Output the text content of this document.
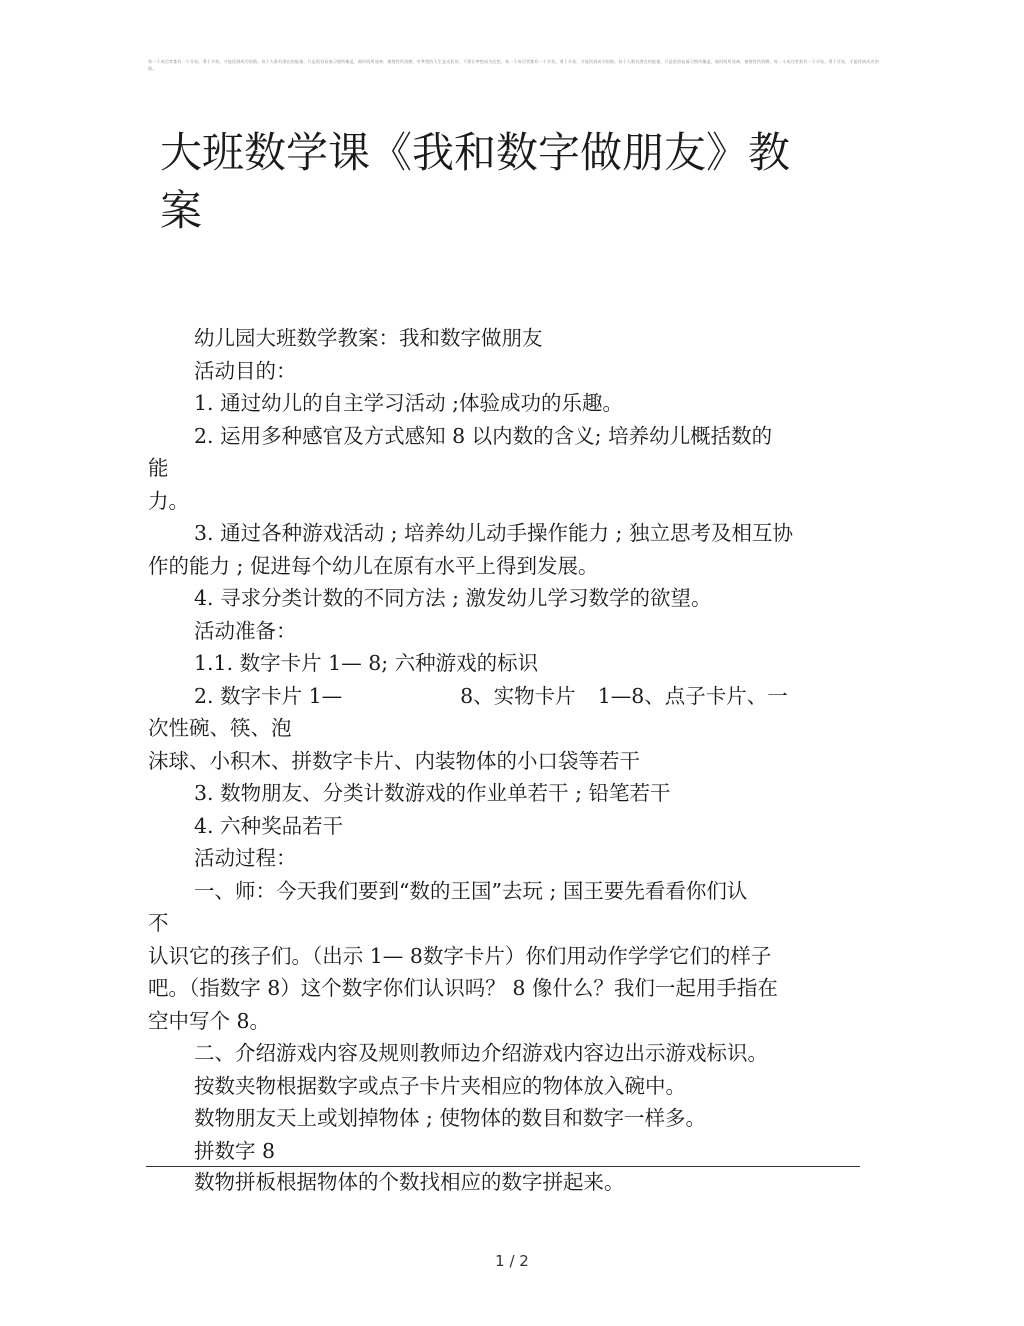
每一个成功者都有一个开始。勇于开始，才能找到成功的路。每个人都有潜在的能量，只是很容易被习惯所掩盖，被时间所迷离，被惰性所消磨。有梦想的人生是光彩的，不要让梦想成为幻想。每一个成功者都有一个开始。勇于开始，才能找到成功的路。每个人都有潜在的能量，只是很容易被习惯所掩盖，被时间所迷离，被惰性所消磨。每一个成功者都有一个开始，勇于开始，才能找到成功的路。
大班数学课《我和数字做朋友》教
案
幼儿园大班数学教案：我和数字做朋友
活动目的：
1. 通过幼儿的自主学习活动 ;体验成功的乐趣。
2. 运用多种感官及方式感知 8 以内数的含义; 培养幼儿概括数的
能
力。
3. 通过各种游戏活动 ; 培养幼儿动手操作能力 ; 独立思考及相互协
作的能力 ; 促进每个幼儿在原有水平上得到发展。
4. 寻求分类计数的不同方法 ; 激发幼儿学习数学的欲望。
活动准备：
1.1. 数字卡片 1— 8; 六种游戏的标识
2. 数字卡片 1—	8、实物卡片 1—8、点子卡片、一
次性碗、筷、泡
沫球、小积木、拼数字卡片、内装物体的小口袋等若干
3. 数物朋友、分类计数游戏的作业单若干 ; 铅笔若干
4. 六种奖品若干
活动过程：
一、师：今天我们要到“数的王国”去玩 ; 国王要先看看你们认
不
认识它的孩子们。（出示 1— 8数字卡片）你们用动作学学它们的样子
吧。（指数字 8）这个数字你们认识吗？ 8 像什么？我们一起用手指在
空中写个 8。
二、介绍游戏内容及规则教师边介绍游戏内容边出示游戏标识。
按数夹物根据数字或点子卡片夹相应的物体放入碗中。
数物朋友天上或划掉物体 ; 使物体的数目和数字一样多。
拼数字 8
数物拼板根据物体的个数找相应的数字拼起来。
1 / 2
